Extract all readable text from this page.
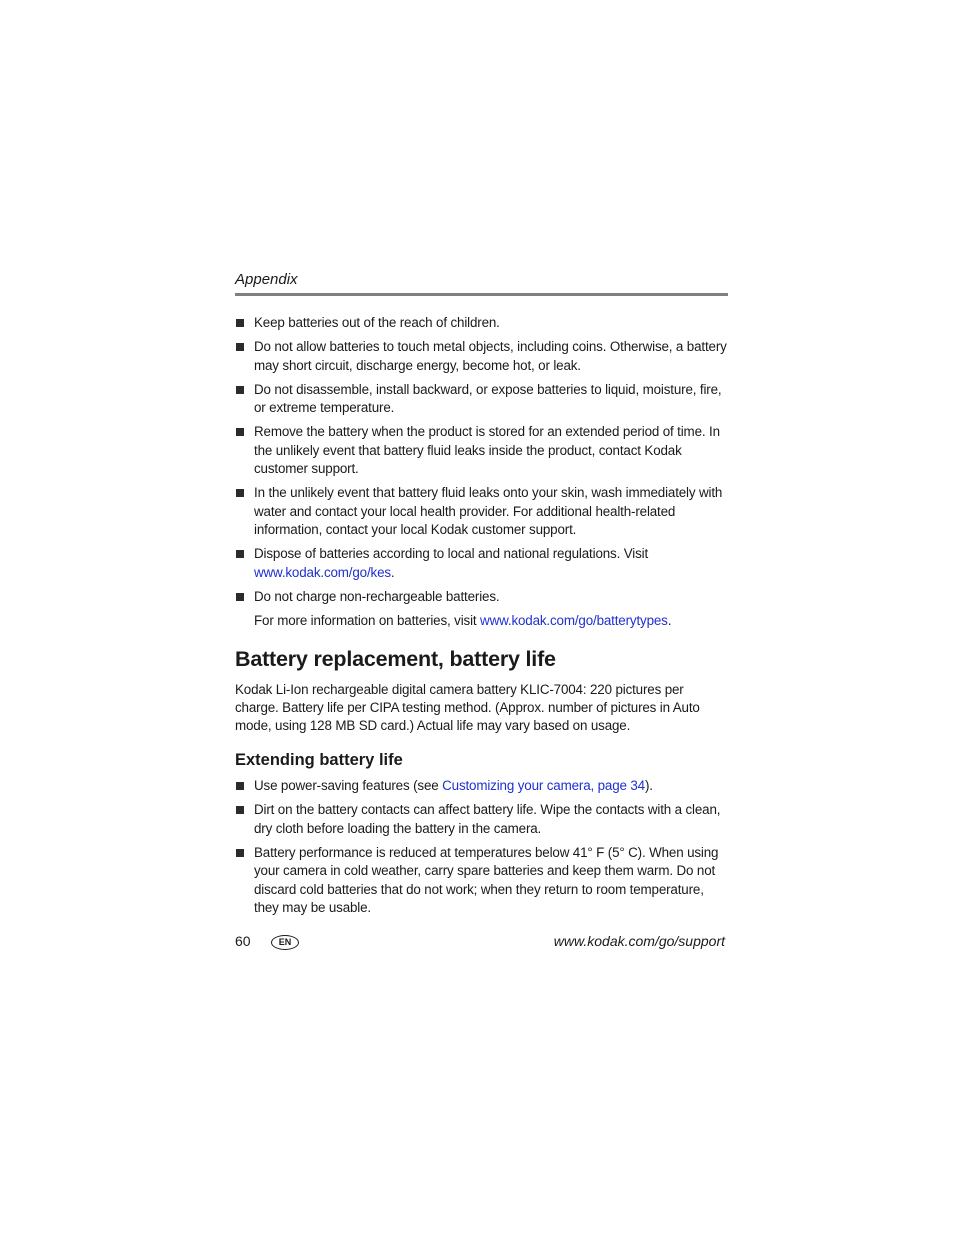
Appendix

Keep batteries out of the reach of children.
Do not allow batteries to touch metal objects, including coins. Otherwise, a battery may short circuit, discharge energy, become hot, or leak.
Do not disassemble, install backward, or expose batteries to liquid, moisture, fire, or extreme temperature.
Remove the battery when the product is stored for an extended period of time. In the unlikely event that battery fluid leaks inside the product, contact Kodak customer support.
In the unlikely event that battery fluid leaks onto your skin, wash immediately with water and contact your local health provider. For additional health-related information, contact your local Kodak customer support.
Dispose of batteries according to local and national regulations. Visit www.kodak.com/go/kes.
Do not charge non-rechargeable batteries.

For more information on batteries, visit www.kodak.com/go/batterytypes.

Battery replacement, battery life

Kodak Li-Ion rechargeable digital camera battery KLIC-7004: 220 pictures per charge. Battery life per CIPA testing method. (Approx. number of pictures in Auto mode, using 128 MB SD card.) Actual life may vary based on usage.

Extending battery life
Use power-saving features (see Customizing your camera, page 34).
Dirt on the battery contacts can affect battery life. Wipe the contacts with a clean, dry cloth before loading the battery in the camera.
Battery performance is reduced at temperatures below 41° F (5° C). When using your camera in cold weather, carry spare batteries and keep them warm. Do not discard cold batteries that do not work; when they return to room temperature, they may be usable.
60	EN	www.kodak.com/go/support
